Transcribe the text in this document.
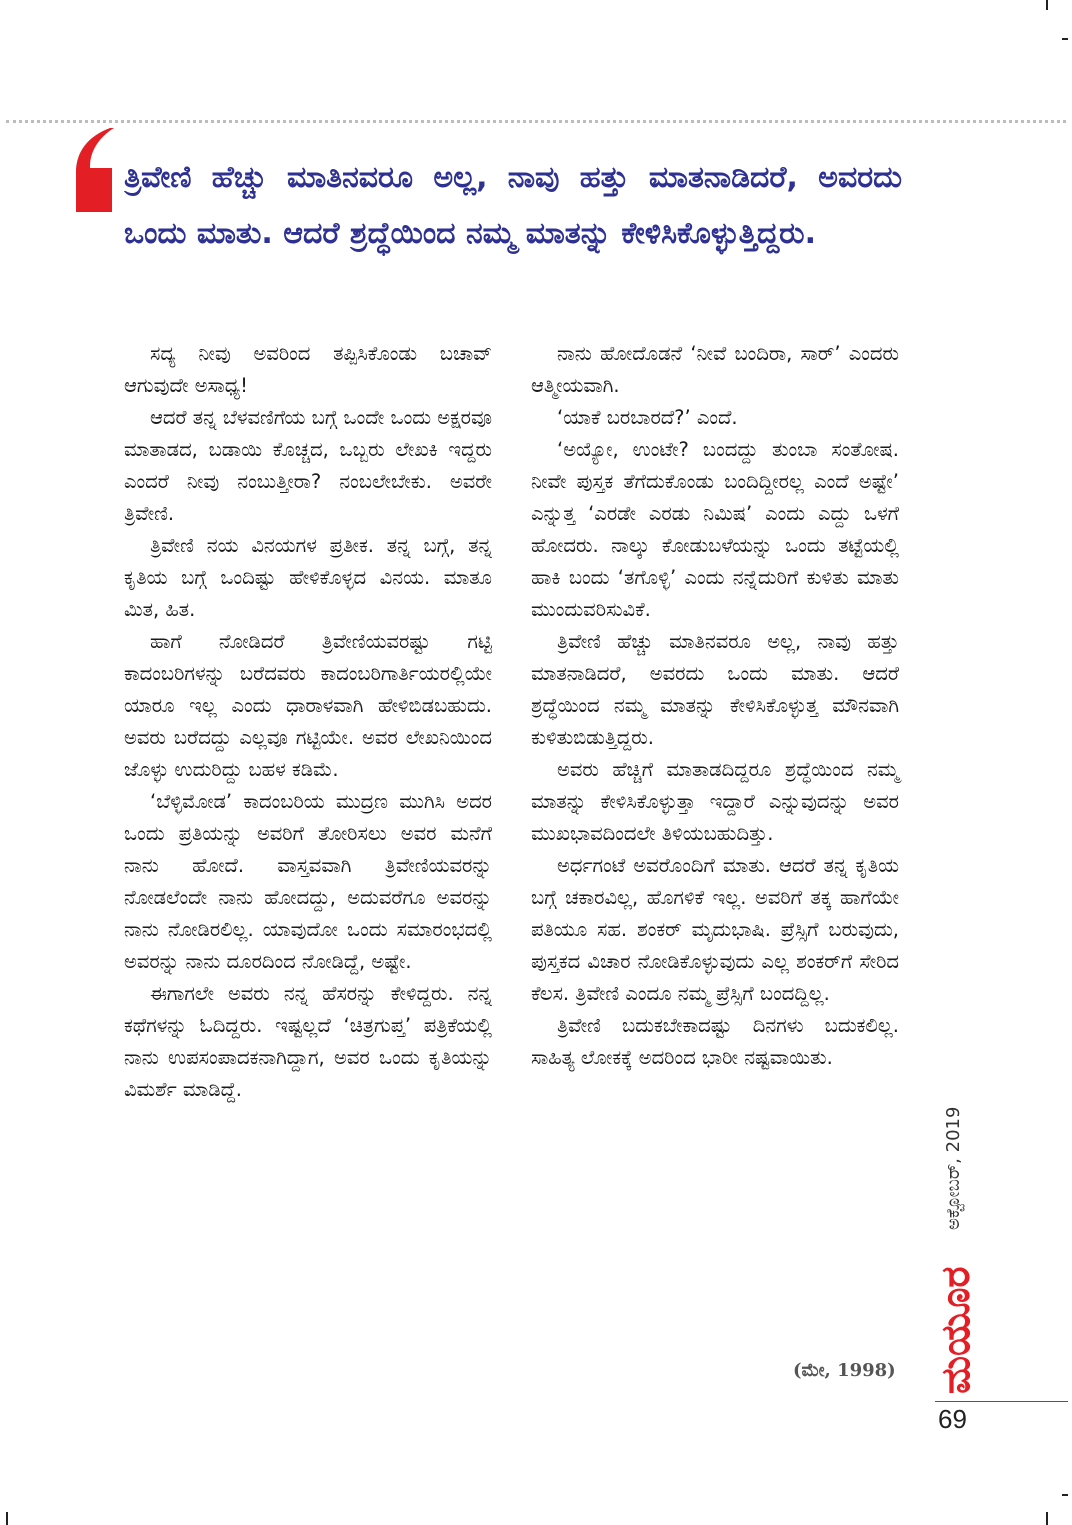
ತ್ರಿವೇಣಿ ಹೆಚ್ಚು ಮಾತಿನವರೂ ಅಲ್ಲ, ನಾವು ಹತ್ತು ಮಾತನಾಡಿದರೆ, ಅವರದು ಒಂದು ಮಾತು. ಆದರೆ ಶ್ರದ್ಧೆಯಿಂದ ನಮ್ಮ ಮಾತನ್ನು ಕೇಳಿಸಿಕೊಳ್ಳುತ್ತಿದ್ದರು.

ಸದ್ಯ ನೀವು ಅವರಿಂದ ತಪ್ಪಿಸಿಕೊಂಡು ಬಚಾವ್ ಆಗುವುದೇ ಅಸಾಧ್ಯ!

ಆದರೆ ತನ್ನ ಬೆಳವಣಿಗೆಯ ಬಗ್ಗೆ ಒಂದೇ ಒಂದು ಅಕ್ಷರವೂ ಮಾತಾಡದ, ಬಡಾಯಿ ಕೊಚ್ಚದ, ಒಬ್ಬರು ಲೇಖಕಿ ಇದ್ದರು ಎಂದರೆ ನೀವು ನಂಬುತ್ತೀರಾ? ನಂಬಲೇಬೇಕು. ಅವರೇ ತ್ರಿವೇಣಿ.

ತ್ರಿವೇಣಿ ನಯ ವಿನಯಗಳ ಪ್ರತೀಕ. ತನ್ನ ಬಗ್ಗೆ, ತನ್ನ ಕೃತಿಯ ಬಗ್ಗೆ ಒಂದಿಷ್ಟು ಹೇಳಿಕೊಳ್ಳದ ವಿನಯ. ಮಾತೂ ಮಿತ, ಹಿತ.

ಹಾಗೆ ನೋಡಿದರೆ ತ್ರಿವೇಣಿಯವರಷ್ಟು ಗಟ್ಟಿ ಕಾದಂಬರಿಗಳನ್ನು ಬರೆದವರು ಕಾದಂಬರಿಗಾರ್ತಿಯರಲ್ಲಿಯೇ ಯಾರೂ ಇಲ್ಲ ಎಂದು ಧಾರಾಳವಾಗಿ ಹೇಳಿಬಿಡಬಹುದು. ಅವರು ಬರೆದದ್ದು ಎಲ್ಲವೂ ಗಟ್ಟಿಯೇ. ಅವರ ಲೇಖನಿಯಿಂದ ಜೊಳ್ಳು ಉದುರಿದ್ದು ಬಹಳ ಕಡಿಮೆ.

‘ಬೆಳ್ಳಿಮೋಡ’ ಕಾದಂಬರಿಯ ಮುದ್ರಣ ಮುಗಿಸಿ ಅದರ ಒಂದು ಪ್ರತಿಯನ್ನು ಅವರಿಗೆ ತೋರಿಸಲು ಅವರ ಮನೆಗೆ ನಾನು ಹೋದೆ. ವಾಸ್ತವವಾಗಿ ತ್ರಿವೇಣಿಯವರನ್ನು ನೋಡಲೆಂದೇ ನಾನು ಹೋದದ್ದು, ಅದುವರೆಗೂ ಅವರನ್ನು ನಾನು ನೋಡಿರಲಿಲ್ಲ. ಯಾವುದೋ ಒಂದು ಸಮಾರಂಭದಲ್ಲಿ ಅವರನ್ನು ನಾನು ದೂರದಿಂದ ನೋಡಿದ್ದೆ, ಅಷ್ಟೇ.

ಈಗಾಗಲೇ ಅವರು ನನ್ನ ಹೆಸರನ್ನು ಕೇಳಿದ್ದರು. ನನ್ನ ಕಥೆಗಳನ್ನು ಓದಿದ್ದರು. ಇಷ್ಟಲ್ಲದೆ ‘ಚಿತ್ರಗುಪ್ತ’ ಪತ್ರಿಕೆಯಲ್ಲಿ ನಾನು ಉಪಸಂಪಾದಕನಾಗಿದ್ದಾಗ, ಅವರ ಒಂದು ಕೃತಿಯನ್ನು ವಿಮರ್ಶೆ ಮಾಡಿದ್ದೆ.

ನಾನು ಹೋದೊಡನೆ ‘ನೀವೆ ಬಂದಿರಾ, ಸಾರ್’ ಎಂದರು ಆತ್ಮೀಯವಾಗಿ.

‘ಯಾಕೆ ಬರಬಾರದೆ?’ ಎಂದೆ.

‘ಅಯ್ಯೋ, ಉಂಟೇ? ಬಂದದ್ದು ತುಂಬಾ ಸಂತೋಷ. ನೀವೇ ಪುಸ್ತಕ ತೆಗೆದುಕೊಂಡು ಬಂದಿದ್ದೀರಲ್ಲ ಎಂದೆ ಅಷ್ಟೇ’ ಎನ್ನುತ್ತ ‘ಎರಡೇ ಎರಡು ನಿಮಿಷ’ ಎಂದು ಎದ್ದು ಒಳಗೆ ಹೋದರು. ನಾಲ್ಕು ಕೋಡುಬಳೆಯನ್ನು ಒಂದು ತಟ್ಟೆಯಲ್ಲಿ ಹಾಕಿ ಬಂದು ‘ತಗೊಳ್ಳಿ’ ಎಂದು ನನ್ನೆದುರಿಗೆ ಕುಳಿತು ಮಾತು ಮುಂದುವರಿಸುವಿಕೆ.

ತ್ರಿವೇಣಿ ಹೆಚ್ಚು ಮಾತಿನವರೂ ಅಲ್ಲ, ನಾವು ಹತ್ತು ಮಾತನಾಡಿದರೆ, ಅವರದು ಒಂದು ಮಾತು. ಆದರೆ ಶ್ರದ್ಧೆಯಿಂದ ನಮ್ಮ ಮಾತನ್ನು ಕೇಳಿಸಿಕೊಳ್ಳುತ್ತ ಮೌನವಾಗಿ ಕುಳಿತುಬಿಡುತ್ತಿದ್ದರು.

ಅವರು ಹೆಚ್ಚಿಗೆ ಮಾತಾಡದಿದ್ದರೂ ಶ್ರದ್ಧೆಯಿಂದ ನಮ್ಮ ಮಾತನ್ನು ಕೇಳಿಸಿಕೊಳ್ಳುತ್ತಾ ಇದ್ದಾರೆ ಎನ್ನುವುದನ್ನು ಅವರ ಮುಖಭಾವದಿಂದಲೇ ತಿಳಿಯಬಹುದಿತ್ತು.

ಅರ್ಧಗಂಟೆ ಅವರೊಂದಿಗೆ ಮಾತು. ಆದರೆ ತನ್ನ ಕೃತಿಯ ಬಗ್ಗೆ ಚಕಾರವಿಲ್ಲ, ಹೊಗಳಿಕೆ ಇಲ್ಲ. ಅವರಿಗೆ ತಕ್ಕ ಹಾಗೆಯೇ ಪತಿಯೂ ಸಹ. ಶಂಕರ್ ಮೃದುಭಾಷಿ. ಪ್ರೆಸ್ಸಿಗೆ ಬರುವುದು, ಪುಸ್ತಕದ ವಿಚಾರ ನೋಡಿಕೊಳ್ಳುವುದು ಎಲ್ಲ ಶಂಕರ್‌ಗೆ ಸೇರಿದ ಕೆಲಸ. ತ್ರಿವೇಣಿ ಎಂದೂ ನಮ್ಮ ಪ್ರೆಸ್ಸಿಗೆ ಬಂದದ್ದಿಲ್ಲ.

ತ್ರಿವೇಣಿ ಬದುಕಬೇಕಾದಷ್ಟು ದಿನಗಳು ಬದುಕಲಿಲ್ಲ. ಸಾಹಿತ್ಯ ಲೋಕಕ್ಕೆ ಅದರಿಂದ ಭಾರೀ ನಷ್ಟವಾಯಿತು.

(ಮೇ, 1998)
ಅಕ್ಟೋಬರ್, 2019
ಮಯೂರ
69
